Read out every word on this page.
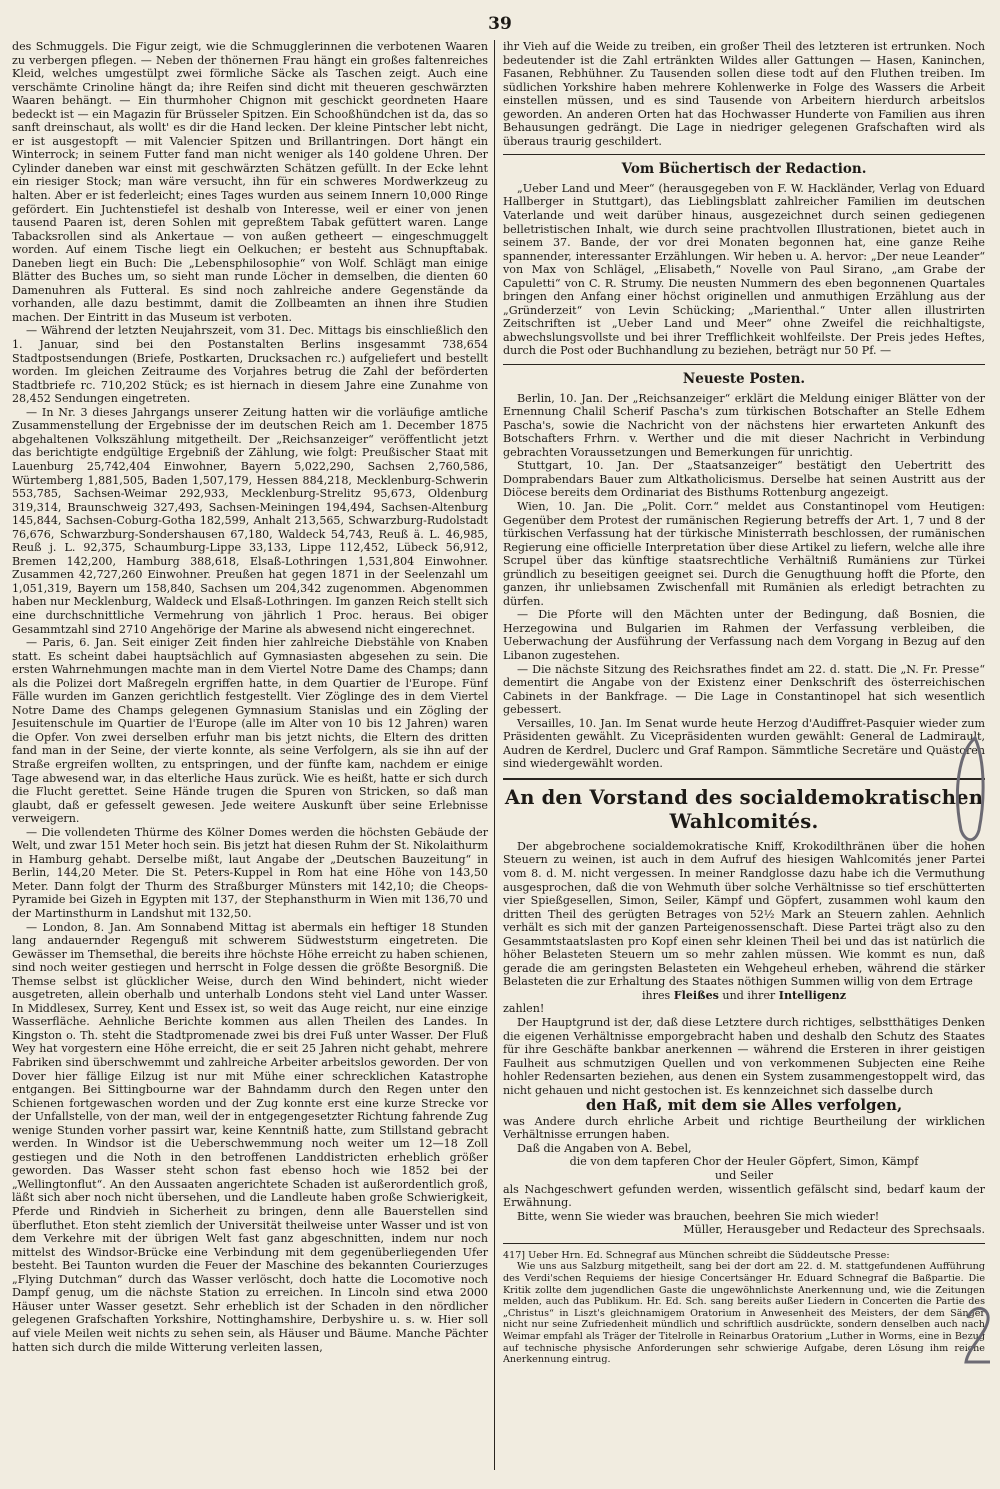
39

des Schmuggels. Die Figur zeigt, wie die Schmugglerinnen die verbotenen Waaren zu verbergen pflegen. — Neben der thönernen Frau hängt ein großes faltenreiches Kleid, welches umgestülpt zwei förmliche Säcke als Taschen zeigt. Auch eine verschämte Crinoline hängt da; ihre Reifen sind dicht mit theueren geschwärzten Waaren behängt. — Ein thurmhoher Chignon mit geschickt geordneten Haare bedeckt ist — ein Magazin für Brüsseler Spitzen. Ein Schooßhündchen ist da, das so sanft dreinschaut, als wollt' es dir die Hand lecken. Der kleine Pintscher lebt nicht, er ist ausgestopft — mit Valencier Spitzen und Brillantringen. Dort hängt ein Winterrock; in seinem Futter fand man nicht weniger als 140 goldene Uhren. Der Cylinder daneben war einst mit geschwärzten Schätzen gefüllt. In der Ecke lehnt ein riesiger Stock; man wäre versucht, ihn für ein schweres Mordwerkzeug zu halten. Aber er ist federleicht; eines Tages wurden aus seinem Innern 10,000 Ringe gefördert. Ein Juchtenstiefel ist deshalb von Interesse, weil er einer von jenen tausend Paaren ist, deren Sohlen mit gepreßtem Tabak gefüttert waren. Lange Tabacksrollen sind als Ankertaue — von außen getheert — eingeschmuggelt worden. Auf einem Tische liegt ein Oelkuchen; er besteht aus Schnupftabak. Daneben liegt ein Buch: Die „Lebensphilosophie“ von Wolf. Schlägt man einige Blätter des Buches um, so sieht man runde Löcher in demselben, die dienten 60 Damenuhren als Futteral. Es sind noch zahlreiche andere Gegenstände da vorhanden, alle dazu bestimmt, damit die Zollbeamten an ihnen ihre Studien machen. Der Eintritt in das Museum ist verboten.

— Während der letzten Neujahrszeit, vom 31. Dec. Mittags bis einschließlich den 1. Januar, sind bei den Postanstalten Berlins insgesammt 738,654 Stadtpostsendungen (Briefe, Postkarten, Drucksachen rc.) aufgeliefert und bestellt worden. Im gleichen Zeitraume des Vorjahres betrug die Zahl der beförderten Stadtbriefe rc. 710,202 Stück; es ist hiernach in diesem Jahre eine Zunahme von 28,452 Sendungen eingetreten.

— In Nr. 3 dieses Jahrgangs unserer Zeitung hatten wir die vorläufige amtliche Zusammenstellung der Ergebnisse der im deutschen Reich am 1. December 1875 abgehaltenen Volkszählung mitgetheilt. Der „Reichsanzeiger“ veröffentlicht jetzt das berichtigte endgültige Ergebniß der Zählung, wie folgt: Preußischer Staat mit Lauenburg 25,742,404 Einwohner, Bayern 5,022,290, Sachsen 2,760,586, Würtemberg 1,881,505, Baden 1,507,179, Hessen 884,218, Mecklenburg-Schwerin 553,785, Sachsen-Weimar 292,933, Mecklenburg-Strelitz 95,673, Oldenburg 319,314, Braunschweig 327,493, Sachsen-Meiningen 194,494, Sachsen-Altenburg 145,844, Sachsen-Coburg-Gotha 182,599, Anhalt 213,565, Schwarzburg-Rudolstadt 76,676, Schwarzburg-Sondershausen 67,180, Waldeck 54,743, Reuß ä. L. 46,985, Reuß j. L. 92,375, Schaumburg-Lippe 33,133, Lippe 112,452, Lübeck 56,912, Bremen 142,200, Hamburg 388,618, Elsaß-Lothringen 1,531,804 Einwohner. Zusammen 42,727,260 Einwohner. Preußen hat gegen 1871 in der Seelenzahl um 1,051,319, Bayern um 158,840, Sachsen um 204,342 zugenommen. Abgenommen haben nur Mecklenburg, Waldeck und Elsaß-Lothringen. Im ganzen Reich stellt sich eine durchschnittliche Vermehrung von jährlich 1 Proc. heraus. Bei obiger Gesammtzahl sind 2710 Angehörige der Marine als abwesend nicht eingerechnet.

— Paris, 6. Jan. Seit einiger Zeit finden hier zahlreiche Diebstähle von Knaben statt. Es scheint dabei hauptsächlich auf Gymnasiasten abgesehen zu sein. Die ersten Wahrnehmungen machte man in dem Viertel Notre Dame des Champs; dann als die Polizei dort Maßregeln ergriffen hatte, in dem Quartier de l'Europe. Fünf Fälle wurden im Ganzen gerichtlich festgestellt. Vier Zöglinge des in dem Viertel Notre Dame des Champs gelegenen Gymnasium Stanislas und ein Zögling der Jesuitenschule im Quartier de l'Europe (alle im Alter von 10 bis 12 Jahren) waren die Opfer. Von zwei derselben erfuhr man bis jetzt nichts, die Eltern des dritten fand man in der Seine, der vierte konnte, als seine Verfolgern, als sie ihn auf der Straße ergreifen wollten, zu entspringen, und der fünfte kam, nachdem er einige Tage abwesend war, in das elterliche Haus zurück. Wie es heißt, hatte er sich durch die Flucht gerettet. Seine Hände trugen die Spuren von Stricken, so daß man glaubt, daß er gefesselt gewesen. Jede weitere Auskunft über seine Erlebnisse verweigern.

— Die vollendeten Thürme des Kölner Domes werden die höchsten Gebäude der Welt, und zwar 151 Meter hoch sein. Bis jetzt hat diesen Ruhm der St. Nikolaithurm in Hamburg gehabt. Derselbe mißt, laut Angabe der „Deutschen Bauzeitung“ in Berlin, 144,20 Meter. Die St. Peters-Kuppel in Rom hat eine Höhe von 143,50 Meter. Dann folgt der Thurm des Straßburger Münsters mit 142,10; die Cheops-Pyramide bei Gizeh in Egypten mit 137, der Stephansthurm in Wien mit 136,70 und der Martinsthurm in Landshut mit 132,50.

— London, 8. Jan. Am Sonnabend Mittag ist abermals ein heftiger 18 Stunden lang andauernder Regenguß mit schwerem Südweststurm eingetreten. Die Gewässer im Themsethal, die bereits ihre höchste Höhe erreicht zu haben schienen, sind noch weiter gestiegen und herrscht in Folge dessen die größte Besorgniß. Die Themse selbst ist glücklicher Weise, durch den Wind behindert, nicht wieder ausgetreten, allein oberhalb und unterhalb Londons steht viel Land unter Wasser. In Middlesex, Surrey, Kent und Essex ist, so weit das Auge reicht, nur eine einzige Wasserfläche. Aehnliche Berichte kommen aus allen Theilen des Landes. In Kingston o. Th. steht die Stadtpromenade zwei bis drei Fuß unter Wasser. Der Fluß Wey hat vorgestern eine Höhe erreicht, die er seit 25 Jahren nicht gehabt, mehrere Fabriken sind überschwemmt und zahlreiche Arbeiter arbeitslos geworden. Der von Dover hier fällige Eilzug ist nur mit Mühe einer schrecklichen Katastrophe entgangen. Bei Sittingbourne war der Bahndamm durch den Regen unter den Schienen fortgewaschen worden und der Zug konnte erst eine kurze Strecke vor der Unfallstelle, von der man, weil der in entgegengesetzter Richtung fahrende Zug wenige Stunden vorher passirt war, keine Kenntniß hatte, zum Stillstand gebracht werden. In Windsor ist die Ueberschwemmung noch weiter um 12—18 Zoll gestiegen und die Noth in den betroffenen Landdistricten erheblich größer geworden. Das Wasser steht schon fast ebenso hoch wie 1852 bei der „Wellingtonflut“. An den Aussaaten angerichtete Schaden ist außerordentlich groß, läßt sich aber noch nicht übersehen, und die Landleute haben große Schwierigkeit, Pferde und Rindvieh in Sicherheit zu bringen, denn alle Bauerstellen sind überfluthet. Eton steht ziemlich der Universität theilweise unter Wasser und ist von dem Verkehre mit der übrigen Welt fast ganz abgeschnitten, indem nur noch mittelst des Windsor-Brücke eine Verbindung mit dem gegenüberliegenden Ufer besteht. Bei Taunton wurden die Feuer der Maschine des bekannten Courierzuges „Flying Dutchman“ durch das Wasser verlöscht, doch hatte die Locomotive noch Dampf genug, um die nächste Station zu erreichen. In Lincoln sind etwa 2000 Häuser unter Wasser gesetzt. Sehr erheblich ist der Schaden in den nördlicher gelegenen Grafschaften Yorkshire, Nottinghamshire, Derbyshire u. s. w. Hier soll auf viele Meilen weit nichts zu sehen sein, als Häuser und Bäume. Manche Pächter hatten sich durch die milde Witterung verleiten lassen,

ihr Vieh auf die Weide zu treiben, ein großer Theil des letzteren ist ertrunken. Noch bedeutender ist die Zahl ertränkten Wildes aller Gattungen — Hasen, Kaninchen, Fasanen, Rebhühner. Zu Tausenden sollen diese todt auf den Fluthen treiben. Im südlichen Yorkshire haben mehrere Kohlenwerke in Folge des Wassers die Arbeit einstellen müssen, und es sind Tausende von Arbeitern hierdurch arbeitslos geworden. An anderen Orten hat das Hochwasser Hunderte von Familien aus ihren Behausungen gedrängt. Die Lage in niedriger gelegenen Grafschaften wird als überaus traurig geschildert.

Vom Büchertisch der Redaction.

„Ueber Land und Meer“ (herausgegeben von F. W. Hackländer, Verlag von Eduard Hallberger in Stuttgart), das Lieblingsblatt zahlreicher Familien im deutschen Vaterlande und weit darüber hinaus, ausgezeichnet durch seinen gediegenen belletristischen Inhalt, wie durch seine prachtvollen Illustrationen, bietet auch in seinem 37. Bande, der vor drei Monaten begonnen hat, eine ganze Reihe spannender, interessanter Erzählungen. Wir heben u. A. hervor: „Der neue Leander“ von Max von Schlägel, „Elisabeth,“ Novelle von Paul Sirano, „am Grabe der Capuletti“ von C. R. Strumy. Die neusten Nummern des eben begonnenen Quartales bringen den Anfang einer höchst originellen und anmuthigen Erzählung aus der „Gründerzeit“ von Levin Schücking; „Marienthal.“ Unter allen illustrirten Zeitschriften ist „Ueber Land und Meer“ ohne Zweifel die reichhaltigste, abwechslungsvollste und bei ihrer Trefflichkeit wohlfeilste. Der Preis jedes Heftes, durch die Post oder Buchhandlung zu beziehen, beträgt nur 50 Pf. —

Neueste Posten.

Berlin, 10. Jan. Der „Reichsanzeiger“ erklärt die Meldung einiger Blätter von der Ernennung Chalil Scherif Pascha's zum türkischen Botschafter an Stelle Edhem Pascha's, sowie die Nachricht von der nächstens hier erwarteten Ankunft des Botschafters Frhrn. v. Werther und die mit dieser Nachricht in Verbindung gebrachten Voraussetzungen und Bemerkungen für unrichtig.

Stuttgart, 10. Jan. Der „Staatsanzeiger“ bestätigt den Uebertritt des Domprabendars Bauer zum Altkatholicismus. Derselbe hat seinen Austritt aus der Diöcese bereits dem Ordinariat des Bisthums Rottenburg angezeigt.

Wien, 10. Jan. Die „Polit. Corr.“ meldet aus Constantinopel vom Heutigen: Gegenüber dem Protest der rumänischen Regierung betreffs der Art. 1, 7 und 8 der türkischen Verfassung hat der türkische Ministerrath beschlossen, der rumänischen Regierung eine officielle Interpretation über diese Artikel zu liefern, welche alle ihre Scrupel über das künftige staatsrechtliche Verhältniß Rumäniens zur Türkei gründlich zu beseitigen geeignet sei. Durch die Genugthuung hofft die Pforte, den ganzen, ihr unliebsamen Zwischenfall mit Rumänien als erledigt betrachten zu dürfen.

— Die Pforte will den Mächten unter der Bedingung, daß Bosnien, die Herzegowina und Bulgarien im Rahmen der Verfassung verbleiben, die Ueberwachung der Ausführung der Verfassung nach dem Vorgang in Bezug auf den Libanon zugestehen.

— Die nächste Sitzung des Reichsrathes findet am 22. d. statt. Die „N. Fr. Presse“ dementirt die Angabe von der Existenz einer Denkschrift des österreichischen Cabinets in der Bankfrage. — Die Lage in Constantinopel hat sich wesentlich gebessert.

Versailles, 10. Jan. Im Senat wurde heute Herzog d'Audiffret-Pasquier wieder zum Präsidenten gewählt. Zu Vicepräsidenten wurden gewählt: General de Ladmirault, Audren de Kerdrel, Duclerc und Graf Rampon. Sämmtliche Secretäre und Quästoren sind wiedergewählt worden.

An den Vorstand des socialdemokratischen Wahlcomités.

Der abgebrochene socialdemokratische Kniff, Krokodilthränen über die hohen Steuern zu weinen, ist auch in dem Aufruf des hiesigen Wahlcomités jener Partei vom 8. d. M. nicht vergessen. In meiner Randglosse dazu habe ich die Vermuthung ausgesprochen, daß die von Wehmuth über solche Verhältnisse so tief erschütterten vier Spießgesellen, Simon, Seiler, Kämpf und Göpfert, zusammen wohl kaum den dritten Theil des gerügten Betrages von 52½ Mark an Steuern zahlen. Aehnlich verhält es sich mit der ganzen Parteigenossenschaft. Diese Partei trägt also zu den Gesammtstaatslasten pro Kopf einen sehr kleinen Theil bei und das ist natürlich die höher Belasteten Steuern um so mehr zahlen müssen. Wie kommt es nun, daß gerade die am geringsten Belasteten ein Wehgeheul erheben, während die stärker Belasteten die zur Erhaltung des Staates nöthigen Summen willig von dem Ertrage

ihres Fleißes und ihrer Intelligenz

zahlen!

Der Hauptgrund ist der, daß diese Letztere durch richtiges, selbstthätiges Denken die eigenen Verhältnisse emporgebracht haben und deshalb den Schutz des Staates für ihre Geschäfte bankbar anerkennen — während die Ersteren in ihrer geistigen Faulheit aus schmutzigen Quellen und von verkommenen Subjecten eine Reihe hohler Redensarten beziehen, aus denen ein System zusammengestoppelt wird, das nicht gehauen und nicht gestochen ist. Es kennzeichnet sich dasselbe durch

den Haß, mit dem sie Alles verfolgen,

was Andere durch ehrliche Arbeit und richtige Beurtheilung der wirklichen Verhältnisse errungen haben.

Daß die Angaben von A. Bebel,

die von dem tapferen Chor der Heuler Göpfert, Simon, Kämpf

und Seiler

als Nachgeschwert gefunden werden, wissentlich gefälscht sind, bedarf kaum der Erwähnung.

Bitte, wenn Sie wieder was brauchen, beehren Sie mich wieder!

Müller, Herausgeber und Redacteur des Sprechsaals.

417] Ueber Hrn. Ed. Schnegraf aus München schreibt die Süddeutsche Presse:

Wie uns aus Salzburg mitgetheilt, sang bei der dort am 22. d. M. stattgefundenen Aufführung des Verdi'schen Requiems der hiesige Concertsänger Hr. Eduard Schnegraf die Baßpartie. Die Kritik zollte dem jugendlichen Gaste die ungewöhnlichste Anerkennung und, wie die Zeitungen melden, auch das Publikum. Hr. Ed. Sch. sang bereits außer Liedern in Concerten die Partie des „Christus“ in Liszt's gleichnamigem Oratorium in Anwesenheit des Meisters, der dem Sänger nicht nur seine Zufriedenheit mündlich und schriftlich ausdrückte, sondern denselben auch nach Weimar empfahl als Träger der Titelrolle in Reinarbus Oratorium „Luther in Worms, eine in Bezug auf technische physische Anforderungen sehr schwierige Aufgabe, deren Lösung ihm reiche Anerkennung eintrug.
